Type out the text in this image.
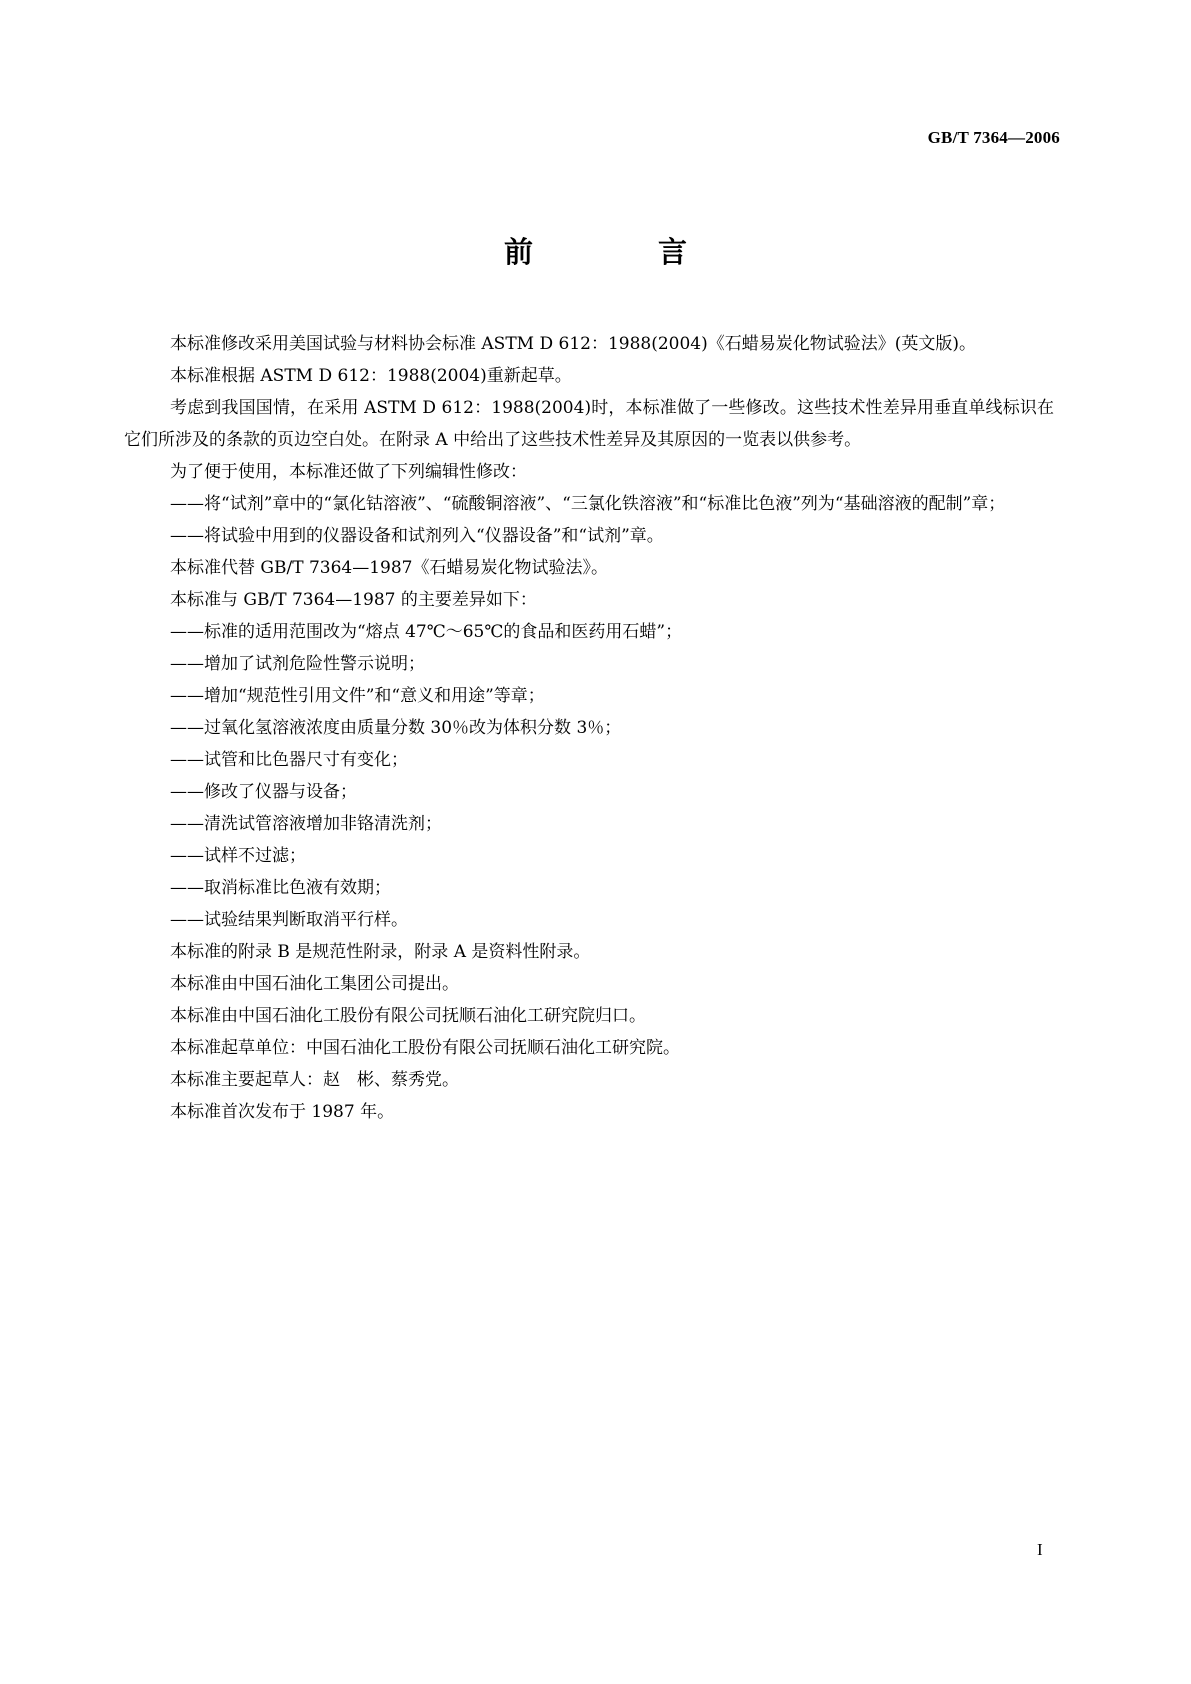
GB/T 7364—2006
前　言

本标准修改采用美国试验与材料协会标准 ASTM D 612：1988(2004)《石蜡易炭化物试验法》(英文版)。

本标准根据 ASTM D 612：1988(2004)重新起草。

考虑到我国国情，在采用 ASTM D 612：1988(2004)时，本标准做了一些修改。这些技术性差异用垂直单线标识在它们所涉及的条款的页边空白处。在附录 A 中给出了这些技术性差异及其原因的一览表以供参考。

为了便于使用，本标准还做了下列编辑性修改：

——将“试剂”章中的“氯化钴溶液”、“硫酸铜溶液”、“三氯化铁溶液”和“标准比色液”列为“基础溶液的配制”章；

——将试验中用到的仪器设备和试剂列入“仪器设备”和“试剂”章。

本标准代替 GB/T 7364—1987《石蜡易炭化物试验法》。

本标准与 GB/T 7364—1987 的主要差异如下：

——标准的适用范围改为“熔点 47℃～65℃的食品和医药用石蜡”；

——增加了试剂危险性警示说明；

——增加“规范性引用文件”和“意义和用途”等章；

——过氧化氢溶液浓度由质量分数 30％改为体积分数 3％；

——试管和比色器尺寸有变化；

——修改了仪器与设备；

——清洗试管溶液增加非铬清洗剂；

——试样不过滤；

——取消标准比色液有效期；

——试验结果判断取消平行样。

本标准的附录 B 是规范性附录，附录 A 是资料性附录。

本标准由中国石油化工集团公司提出。

本标准由中国石油化工股份有限公司抚顺石油化工研究院归口。

本标准起草单位：中国石油化工股份有限公司抚顺石油化工研究院。

本标准主要起草人：赵　彬、蔡秀党。

本标准首次发布于 1987 年。

I
